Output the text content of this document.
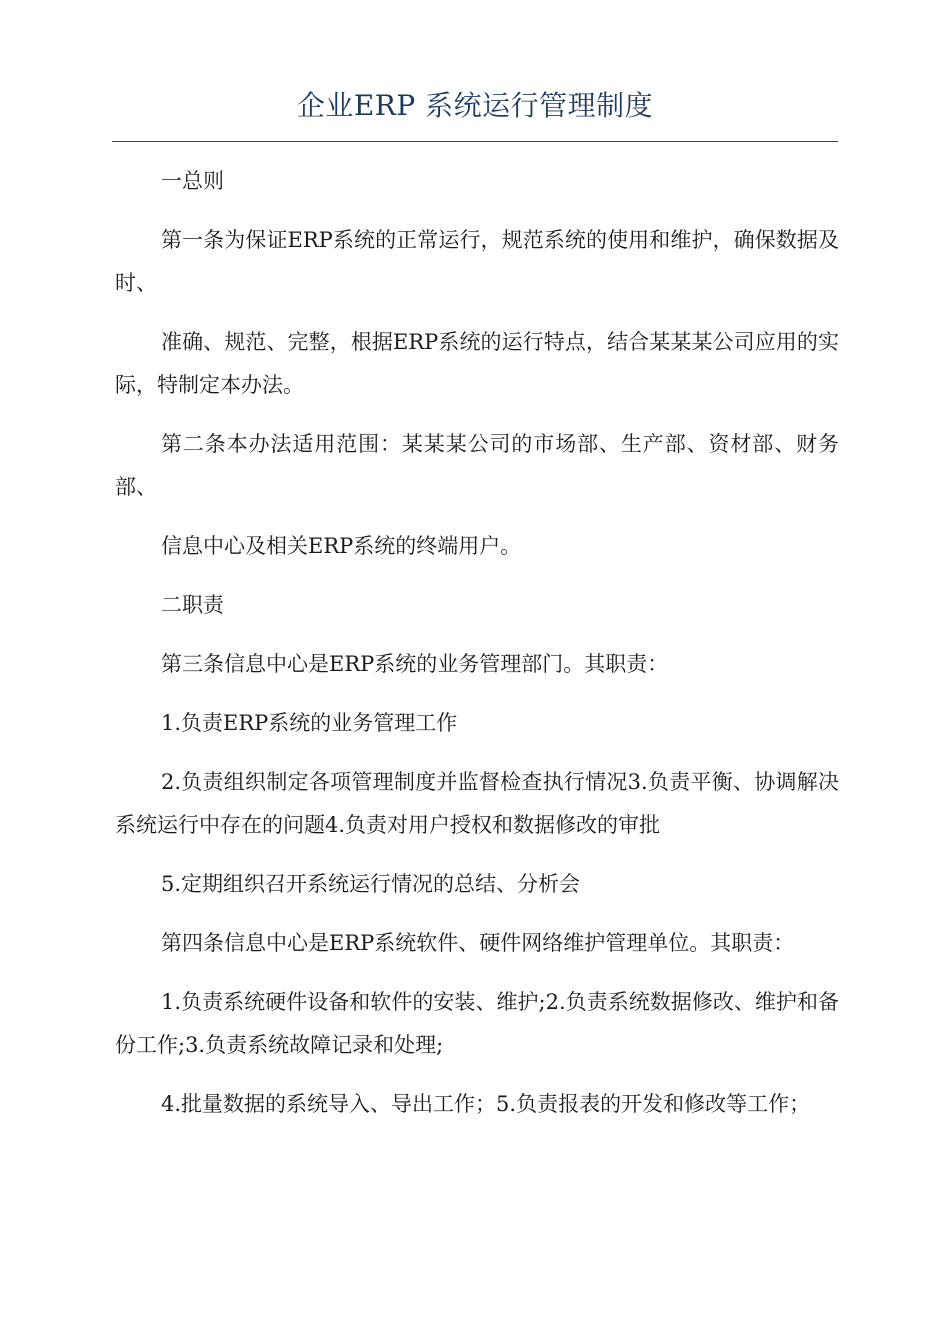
企业ERP 系统运行管理制度

一总则

第一条为保证ERP系统的正常运行，规范系统的使用和维护，确保数据及时、

准确、规范、完整，根据ERP系统的运行特点，结合某某某公司应用的实际，特制定本办法。

第二条本办法适用范围：某某某公司的市场部、生产部、资材部、财务部、

信息中心及相关ERP系统的终端用户。

二职责

第三条信息中心是ERP系统的业务管理部门。其职责：

1.负责ERP系统的业务管理工作

2.负责组织制定各项管理制度并监督检查执行情况3.负责平衡、协调解决系统运行中存在的问题4.负责对用户授权和数据修改的审批

5.定期组织召开系统运行情况的总结、分析会

第四条信息中心是ERP系统软件、硬件网络维护管理单位。其职责：

1.负责系统硬件设备和软件的安装、维护;2.负责系统数据修改、维护和备份工作;3.负责系统故障记录和处理;

4.批量数据的系统导入、导出工作；5.负责报表的开发和修改等工作；
